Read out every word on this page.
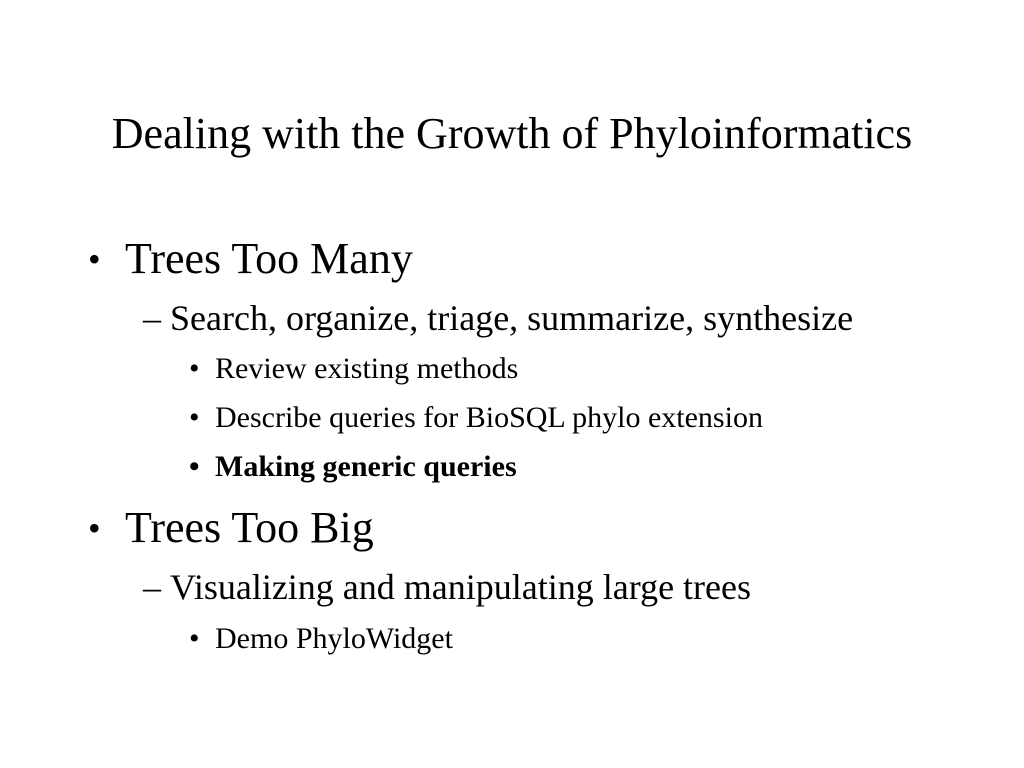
Dealing with the Growth of Phyloinformatics
• Trees Too Many
– Search, organize, triage, summarize, synthesize
• Review existing methods
• Describe queries for BioSQL phylo extension
• Making generic queries
• Trees Too Big
– Visualizing and manipulating large trees
• Demo PhyloWidget
